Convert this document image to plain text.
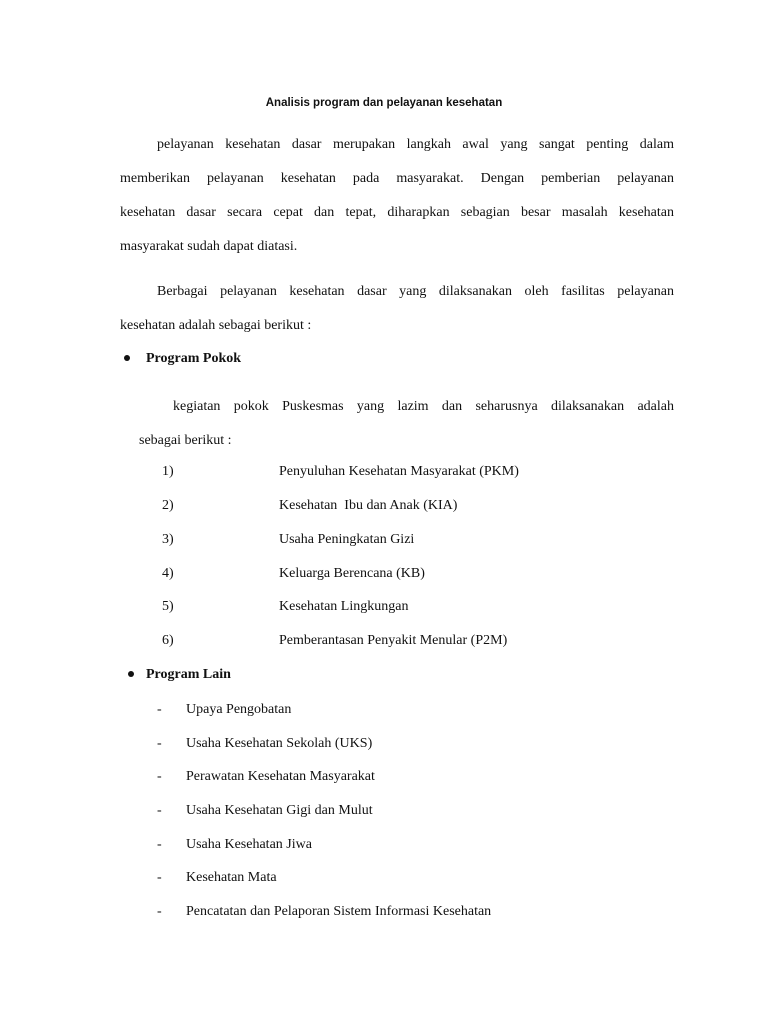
Analisis program dan pelayanan kesehatan

pelayanan kesehatan dasar merupakan langkah awal yang sangat penting dalam
memberikan pelayanan kesehatan pada masyarakat. Dengan pemberian pelayanan
kesehatan dasar secara cepat dan tepat, diharapkan sebagian besar masalah kesehatan
masyarakat sudah dapat diatasi.

Berbagai pelayanan kesehatan dasar yang dilaksanakan oleh fasilitas pelayanan
kesehatan adalah sebagai berikut :

Program Pokok

kegiatan pokok Puskesmas yang lazim dan seharusnya dilaksanakan adalah
sebagai berikut :

1)	Penyuluhan Kesehatan Masyarakat (PKM)
2)	Kesehatan  Ibu dan Anak (KIA)
3)	Usaha Peningkatan Gizi
4)	Keluarga Berencana (KB)
5)	Kesehatan Lingkungan
6)	Pemberantasan Penyakit Menular (P2M)
Program Lain
- Upaya Pengobatan
- Usaha Kesehatan Sekolah (UKS)
- Perawatan Kesehatan Masyarakat
- Usaha Kesehatan Gigi dan Mulut
- Usaha Kesehatan Jiwa
- Kesehatan Mata
- Pencatatan dan Pelaporan Sistem Informasi Kesehatan
